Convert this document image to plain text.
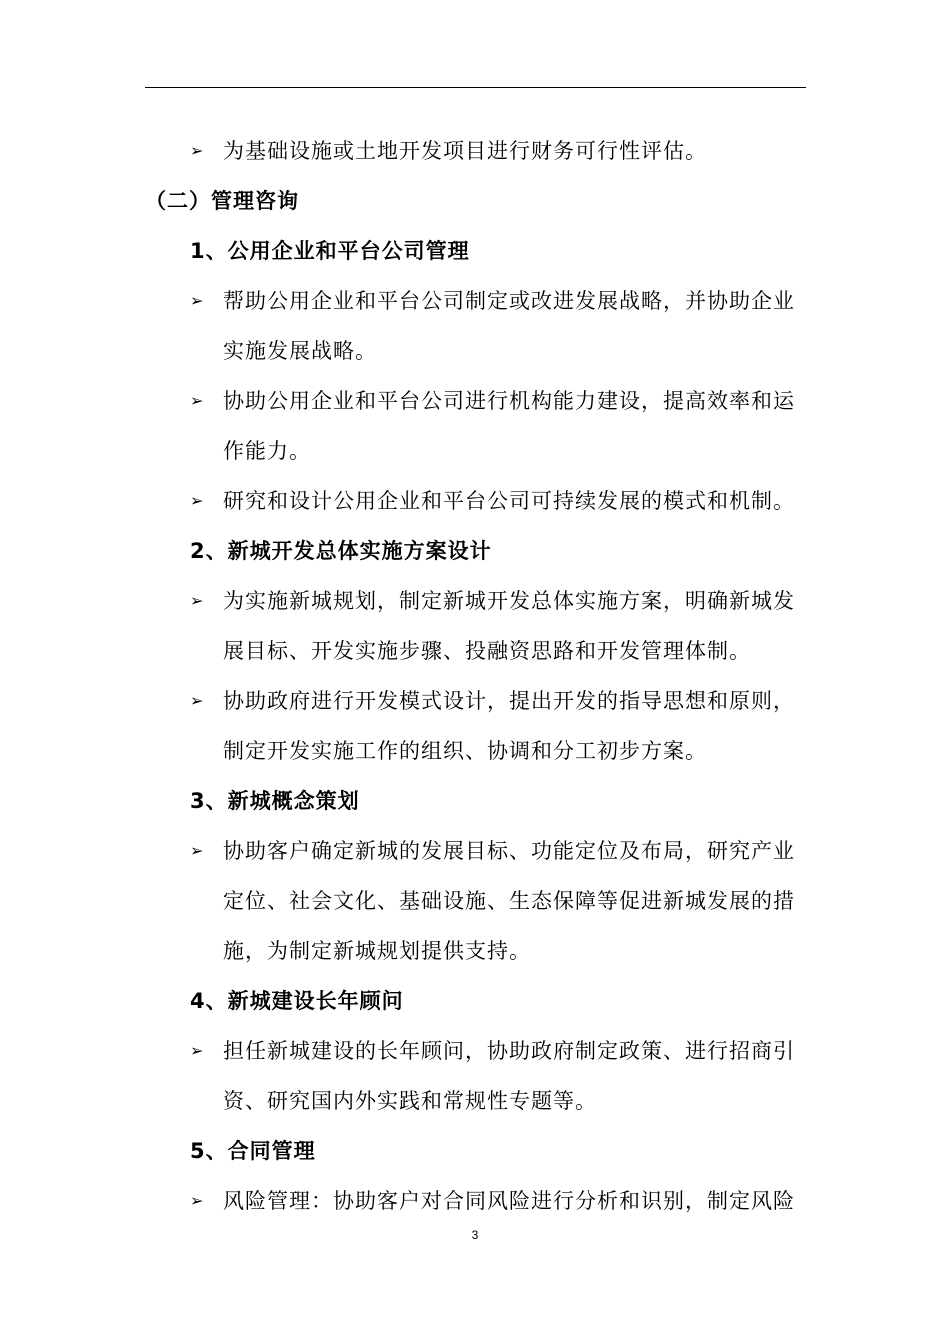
➢ 为基础设施或土地开发项目进行财务可行性评估。
（二）管理咨询
1、公用企业和平台公司管理
➢ 帮助公用企业和平台公司制定或改进发展战略，并协助企业
实施发展战略。
➢ 协助公用企业和平台公司进行机构能力建设，提高效率和运
作能力。
➢ 研究和设计公用企业和平台公司可持续发展的模式和机制。
2、新城开发总体实施方案设计
➢ 为实施新城规划，制定新城开发总体实施方案，明确新城发
展目标、开发实施步骤、投融资思路和开发管理体制。
➢ 协助政府进行开发模式设计，提出开发的指导思想和原则，
制定开发实施工作的组织、协调和分工初步方案。
3、新城概念策划
➢ 协助客户确定新城的发展目标、功能定位及布局，研究产业
定位、社会文化、基础设施、生态保障等促进新城发展的措
施，为制定新城规划提供支持。
4、新城建设长年顾问
➢ 担任新城建设的长年顾问，协助政府制定政策、进行招商引
资、研究国内外实践和常规性专题等。
5、合同管理
➢ 风险管理：协助客户对合同风险进行分析和识别，制定风险
3
